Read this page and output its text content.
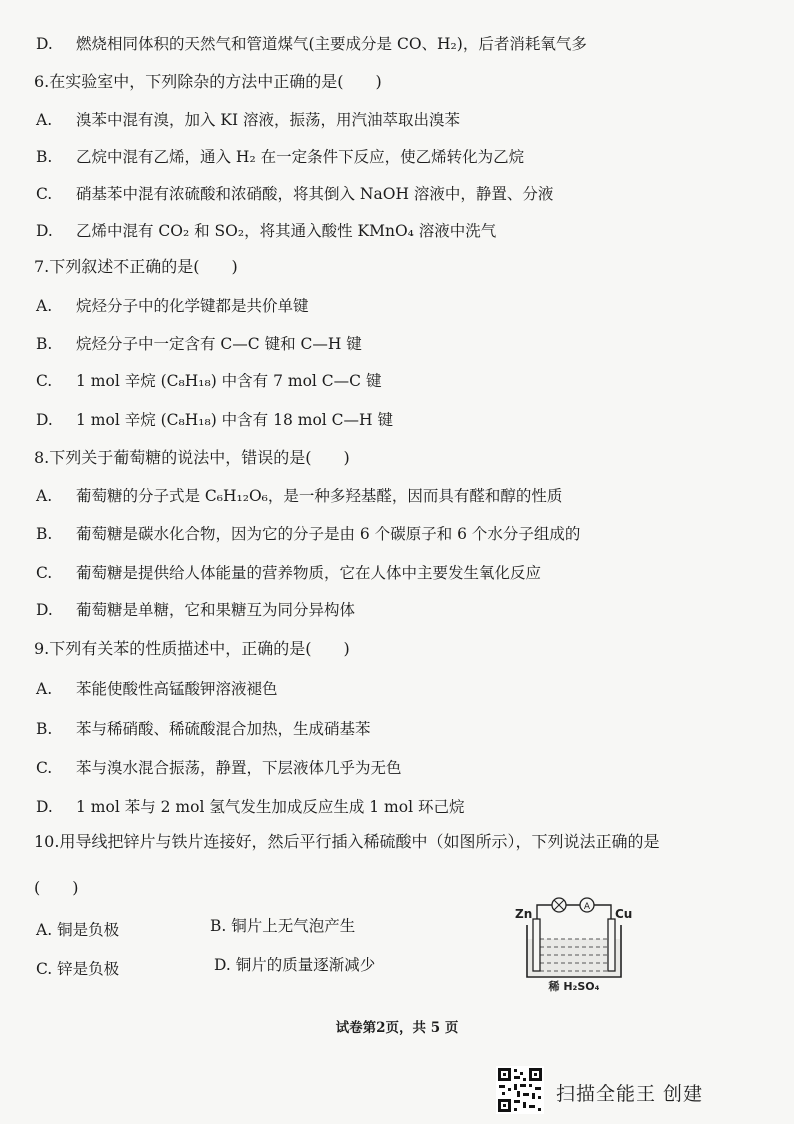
D. 燃烧相同体积的天然气和管道煤气(主要成分是 CO、H₂)，后者消耗氧气多
6.在实验室中，下列除杂的方法中正确的是(　　)
A. 溴苯中混有溴，加入 KI 溶液，振荡，用汽油萃取出溴苯
B. 乙烷中混有乙烯，通入 H₂ 在一定条件下反应，使乙烯转化为乙烷
C. 硝基苯中混有浓硫酸和浓硝酸，将其倒入 NaOH 溶液中，静置、分液
D. 乙烯中混有 CO₂ 和 SO₂，将其通入酸性 KMnO₄ 溶液中洗气
7.下列叙述不正确的是(　　)
A. 烷烃分子中的化学键都是共价单键
B. 烷烃分子中一定含有 C—C 键和 C—H 键
C. 1 mol 辛烷 (C₈H₁₈) 中含有 7 mol C—C 键
D. 1 mol 辛烷 (C₈H₁₈) 中含有 18 mol C—H 键
8.下列关于葡萄糖的说法中，错误的是(　　)
A. 葡萄糖的分子式是 C₆H₁₂O₆，是一种多羟基醛，因而具有醛和醇的性质
B. 葡萄糖是碳水化合物，因为它的分子是由 6 个碳原子和 6 个水分子组成的
C. 葡萄糖是提供给人体能量的营养物质，它在人体中主要发生氧化反应
D. 葡萄糖是单糖，它和果糖互为同分异构体
9.下列有关苯的性质描述中，正确的是(　　)
A. 苯能使酸性高锰酸钾溶液褪色
B. 苯与稀硝酸、稀硫酸混合加热，生成硝基苯
C. 苯与溴水混合振荡，静置，下层液体几乎为无色
D. 1 mol 苯与 2 mol 氢气发生加成反应生成 1 mol 环己烷
10.用导线把锌片与铁片连接好，然后平行插入稀硫酸中（如图所示），下列说法正确的是
(　　)
A. 铜是负极	B. 铜片上无气泡产生
C. 锌是负极	D. 铜片的质量逐渐减少
A
Zn	Cu
稀 H₂SO₄
试卷第2页，共 5 页
扫描全能王 创建
